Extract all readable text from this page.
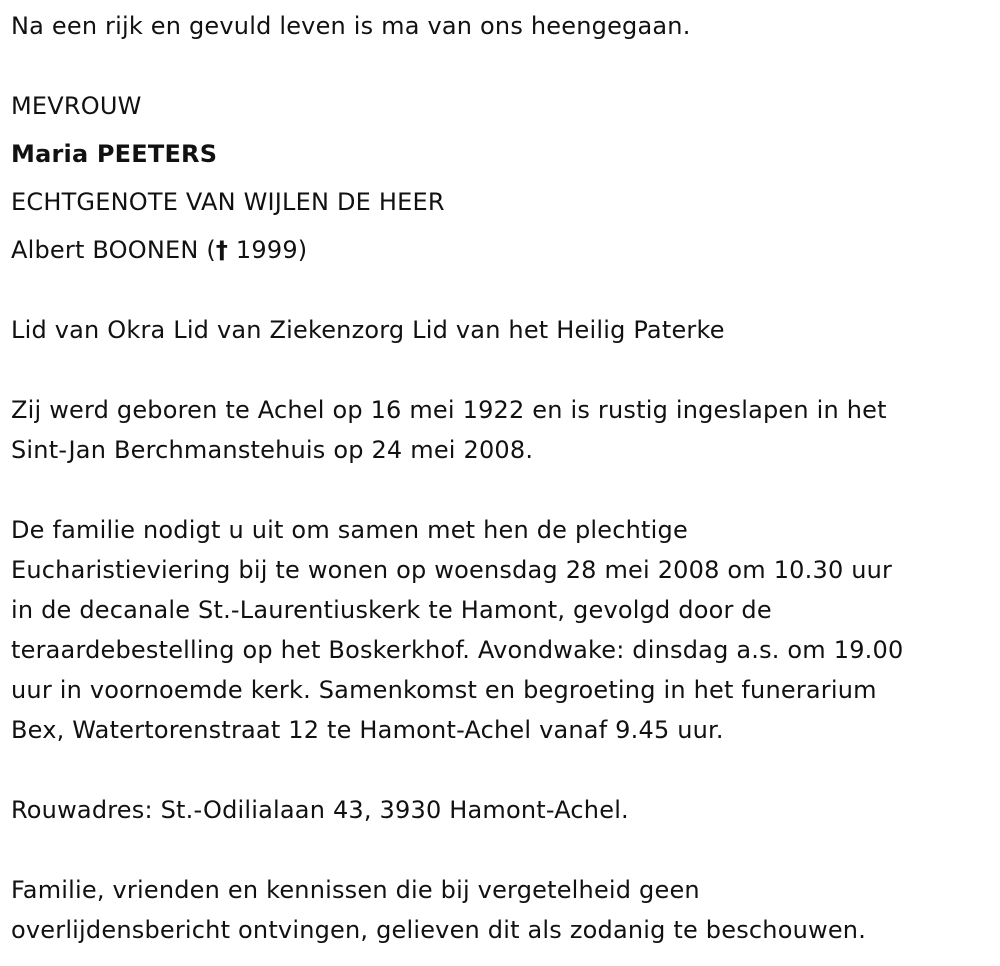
Na een rijk en gevuld leven is ma van ons heengegaan.
MEVROUW
Maria PEETERS
ECHTGENOTE VAN WIJLEN DE HEER
Albert BOONEN († 1999)
Lid van Okra Lid van Ziekenzorg Lid van het Heilig Paterke
Zij werd geboren te Achel op 16 mei 1922 en is rustig ingeslapen in het
Sint-Jan Berchmanstehuis op 24 mei 2008.
De familie nodigt u uit om samen met hen de plechtige
Eucharistieviering bij te wonen op woensdag 28 mei 2008 om 10.30 uur
in de decanale St.-Laurentiuskerk te Hamont, gevolgd door de
teraardebestelling op het Boskerkhof. Avondwake: dinsdag a.s. om 19.00
uur in voornoemde kerk. Samenkomst en begroeting in het funerarium
Bex, Watertorenstraat 12 te Hamont-Achel vanaf 9.45 uur.
Rouwadres: St.-Odilialaan 43, 3930 Hamont-Achel.
Familie, vrienden en kennissen die bij vergetelheid geen
overlijdensbericht ontvingen, gelieven dit als zodanig te beschouwen.
